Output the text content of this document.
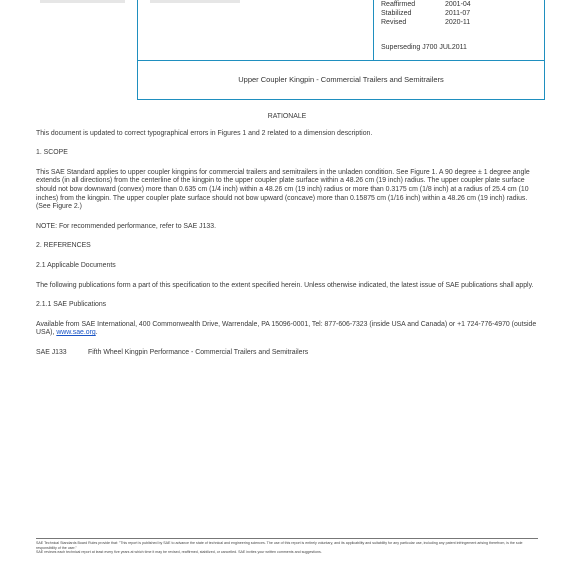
Reaffirmed	2001-04
Stabilized	2011-07
Revised	2020-11
Superseding J700 JUL2011
Upper Coupler Kingpin - Commercial Trailers and Semitrailers

RATIONALE

This document is updated to correct typographical errors in Figures 1 and 2 related to a dimension description.

1. SCOPE

This SAE Standard applies to upper coupler kingpins for commercial trailers and semitrailers in the unladen condition. See Figure 1. A 90 degree ± 1 degree angle extends (in all directions) from the centerline of the kingpin to the upper coupler plate surface within a 48.26 cm (19 inch) radius. The upper coupler plate surface should not bow downward (convex) more than 0.635 cm (1/4 inch) within a 48.26 cm (19 inch) radius or more than 0.3175 cm (1/8 inch) at a radius of 25.4 cm (10 inches) from the kingpin. The upper coupler plate surface should not bow upward (concave) more than 0.15875 cm (1/16 inch) within a 48.26 cm (19 inch) radius. (See Figure 2.)

NOTE: For recommended performance, refer to SAE J133.

2. REFERENCES

2.1 Applicable Documents

The following publications form a part of this specification to the extent specified herein. Unless otherwise indicated, the latest issue of SAE publications shall apply.

2.1.1 SAE Publications

Available from SAE International, 400 Commonwealth Drive, Warrendale, PA 15096-0001, Tel: 877-606-7323 (inside USA and Canada) or +1 724-776-4970 (outside USA), www.sae.org.

SAE J133	Fifth Wheel Kingpin Performance - Commercial Trailers and Semitrailers
SAE Technical Standards Board Rules provide that: "This report is published by SAE to advance the state of technical and engineering sciences. The use of this report is entirely voluntary, and its applicability and suitability for any particular use, including any patent infringement arising therefrom, is the sole responsibility of the user."
SAE reviews each technical report at least every five years at which time it may be revised, reaffirmed, stabilized, or cancelled. SAE invites your written comments and suggestions.
